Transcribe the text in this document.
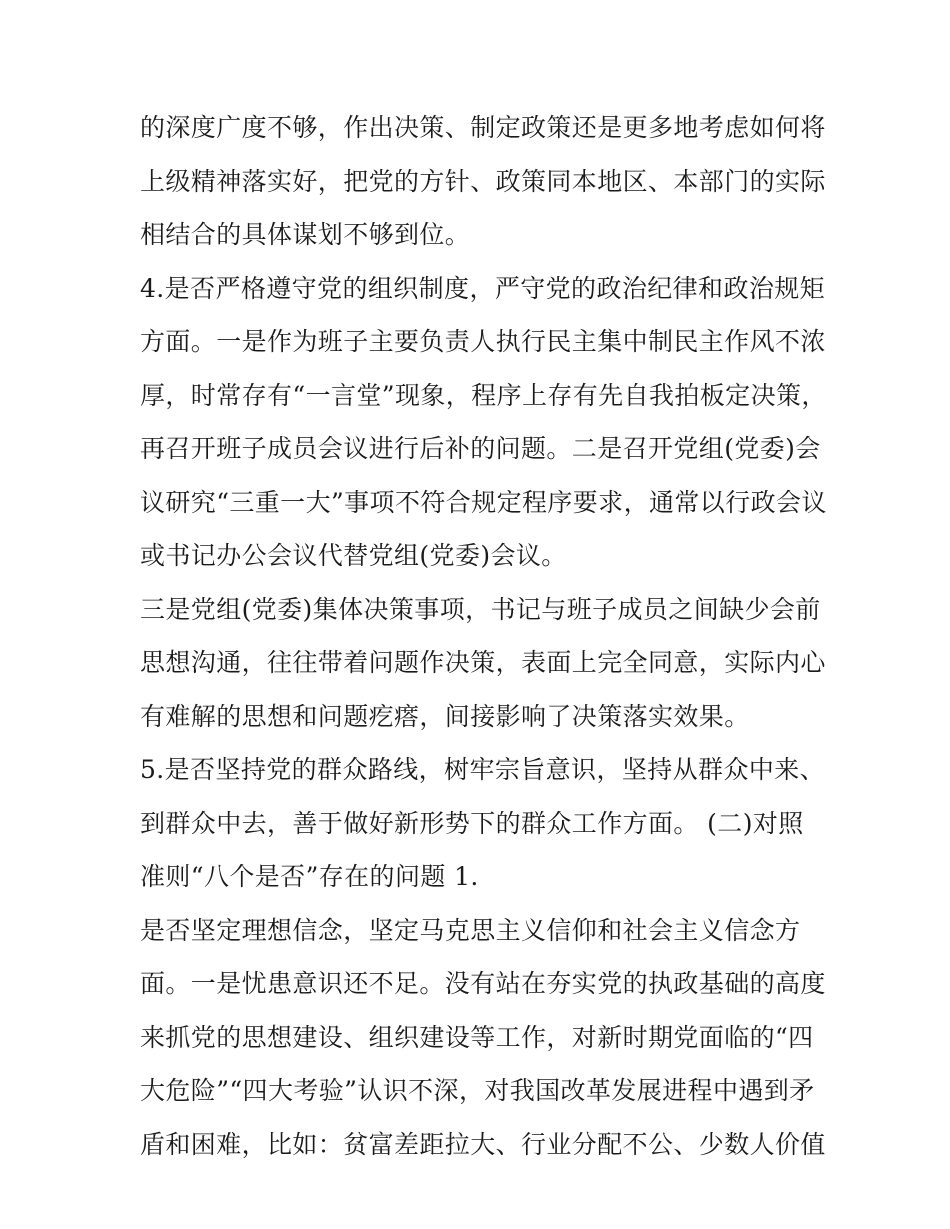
的深度广度不够，作出决策、制定政策还是更多地考虑如何将
上级精神落实好，把党的方针、政策同本地区、本部门的实际
相结合的具体谋划不够到位。
4.是否严格遵守党的组织制度，严守党的政治纪律和政治规矩
方面。一是作为班子主要负责人执行民主集中制民主作风不浓
厚，时常存有“一言堂”现象，程序上存有先自我拍板定决策，
再召开班子成员会议进行后补的问题。二是召开党组(党委)会
议研究“三重一大”事项不符合规定程序要求，通常以行政会议
或书记办公会议代替党组(党委)会议。
三是党组(党委)集体决策事项，书记与班子成员之间缺少会前
思想沟通，往往带着问题作决策，表面上完全同意，实际内心
有难解的思想和问题疙瘩，间接影响了决策落实效果。
5.是否坚持党的群众路线，树牢宗旨意识，坚持从群众中来、
到群众中去，善于做好新形势下的群众工作方面。 (二)对照
准则“八个是否”存在的问题 1.
是否坚定理想信念，坚定马克思主义信仰和社会主义信念方
面。一是忧患意识还不足。没有站在夯实党的执政基础的高度
来抓党的思想建设、组织建设等工作，对新时期党面临的“四
大危险”“四大考验”认识不深，对我国改革发展进程中遇到矛
盾和困难，比如：贫富差距拉大、行业分配不公、少数人价值
